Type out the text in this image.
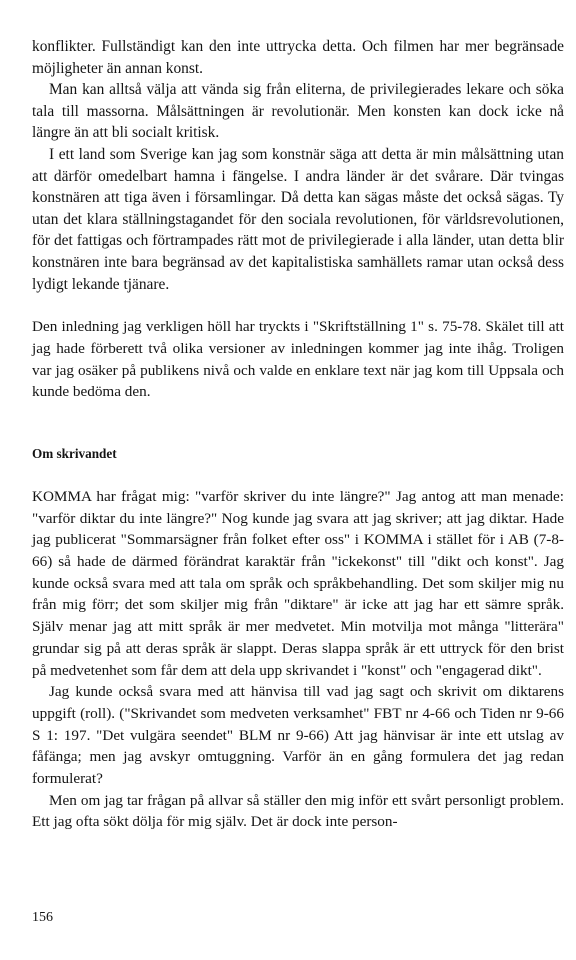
konflikter. Fullständigt kan den inte uttrycka detta. Och filmen har mer begränsade möjligheter än annan konst.

Man kan alltså välja att vända sig från eliterna, de privilegierades lekare och söka tala till massorna. Målsättningen är revolutionär. Men konsten kan dock icke nå längre än att bli socialt kritisk.

I ett land som Sverige kan jag som konstnär säga att detta är min målsättning utan att därför omedelbart hamna i fängelse. I andra länder är det svårare. Där tvingas konstnären att tiga även i församlingar. Då detta kan sägas måste det också sägas. Ty utan det klara ställningstagandet för den sociala revolutionen, för världsrevolutionen, för det fattigas och förtrampades rätt mot de privilegierade i alla länder, utan detta blir konstnären inte bara begränsad av det kapitalistiska samhällets ramar utan också dess lydigt lekande tjänare.

Den inledning jag verkligen höll har tryckts i "Skriftställning 1" s. 75-78. Skälet till att jag hade förberett två olika versioner av inledningen kommer jag inte ihåg. Troligen var jag osäker på publikens nivå och valde en enklare text när jag kom till Uppsala och kunde bedöma den.

Om skrivandet

KOMMA har frågat mig: "varför skriver du inte längre?" Jag antog att man menade: "varför diktar du inte längre?" Nog kunde jag svara att jag skriver; att jag diktar. Hade jag publicerat "Sommarsägner från folket efter oss" i KOMMA i stället för i AB (7-8-66) så hade de därmed förändrat karaktär från "ickekonst" till "dikt och konst". Jag kunde också svara med att tala om språk och språkbehandling. Det som skiljer mig nu från mig förr; det som skiljer mig från "diktare" är icke att jag har ett sämre språk. Själv menar jag att mitt språk är mer medvetet. Min motvilja mot många "litterära" grundar sig på att deras språk är slappt. Deras slappa språk är ett uttryck för den brist på medvetenhet som får dem att dela upp skrivandet i "konst" och "engagerad dikt".

Jag kunde också svara med att hänvisa till vad jag sagt och skrivit om diktarens uppgift (roll). ("Skrivandet som medveten verksamhet" FBT nr 4-66 och Tiden nr 9-66 S 1: 197. "Det vulgära seendet" BLM nr 9-66) Att jag hänvisar är inte ett utslag av fåfänga; men jag avskyr omtuggning. Varför än en gång formulera det jag redan formulerat?

Men om jag tar frågan på allvar så ställer den mig inför ett svårt personligt problem. Ett jag ofta sökt dölja för mig själv. Det är dock inte person-

156
